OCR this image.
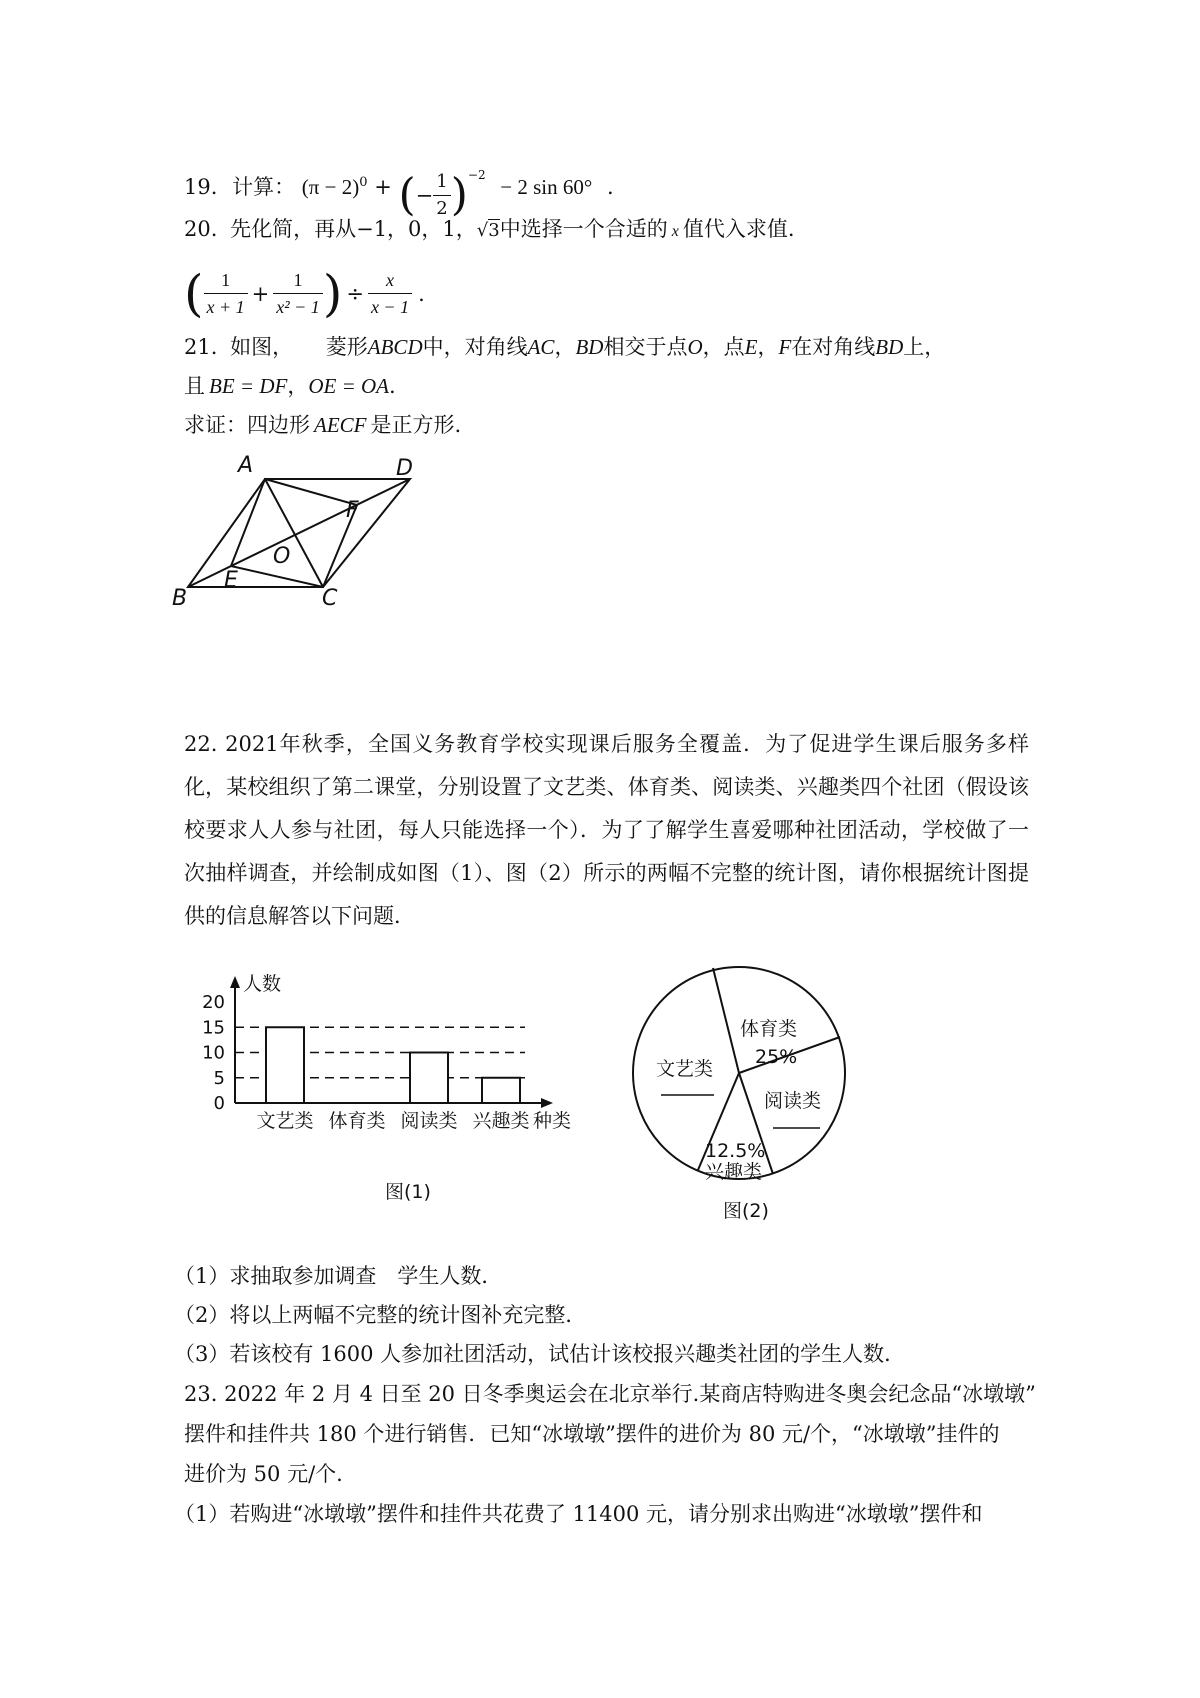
19. 计算： $(\pi - 2)^0$ + (− $\frac{1}{2} )^{-2} - 2$ sin 60° .
20. 先化简，再从−1，0，1，√3中选择一个合适的 x 值代入求值.
( $\frac{1}{x + 1} + \frac{1}{\text{x² − 1}}$ ) ÷ $\frac{x}{x - 1}$ .
21. 如图， 菱形ABCD中，对角线AC，BD相交于点O，点E，F在对角线BD上，
且 BE = DF，OE = OA.
求证：四边形 AECF 是正方形.
A	D
F
O
E
B	C
22. 2021年秋季，全国义务教育学校实现课后服务全覆盖．为了促进学生课后服务多样化，某校组织了第二课堂，分别设置了文艺类、体育类、阅读类、兴趣类四个社团（假设该校要求人人参与社团，每人只能选择一个）．为了了解学生喜爱哪种社团活动，学校做了一次抽样调查，并绘制成如图（1）、图（2）所示的两幅不完整的统计图，请你根据统计图提供的信息解答以下问题．
人数
种类
0
5
10
15
20
文艺类 体育类 阅读类 兴趣类
图(1)
体育类
25%
文艺类
阅读类
12.5%
兴趣类
图(2)
（1）求抽取参加调查　学生人数．
（2）将以上两幅不完整的统计图补充完整．
（3）若该校有 1600 人参加社团活动，试估计该校报兴趣类社团的学生人数．
23. 2022 年 2 月 4 日至 20 日冬季奥运会在北京举行.某商店特购进冬奥会纪念品“冰墩墩”
摆件和挂件共 180 个进行销售．已知“冰墩墩”摆件的进价为 80 元/个，“冰墩墩”挂件的
进价为 50 元/个.
（1）若购进“冰墩墩”摆件和挂件共花费了 11400 元，请分别求出购进“冰墩墩”摆件和
